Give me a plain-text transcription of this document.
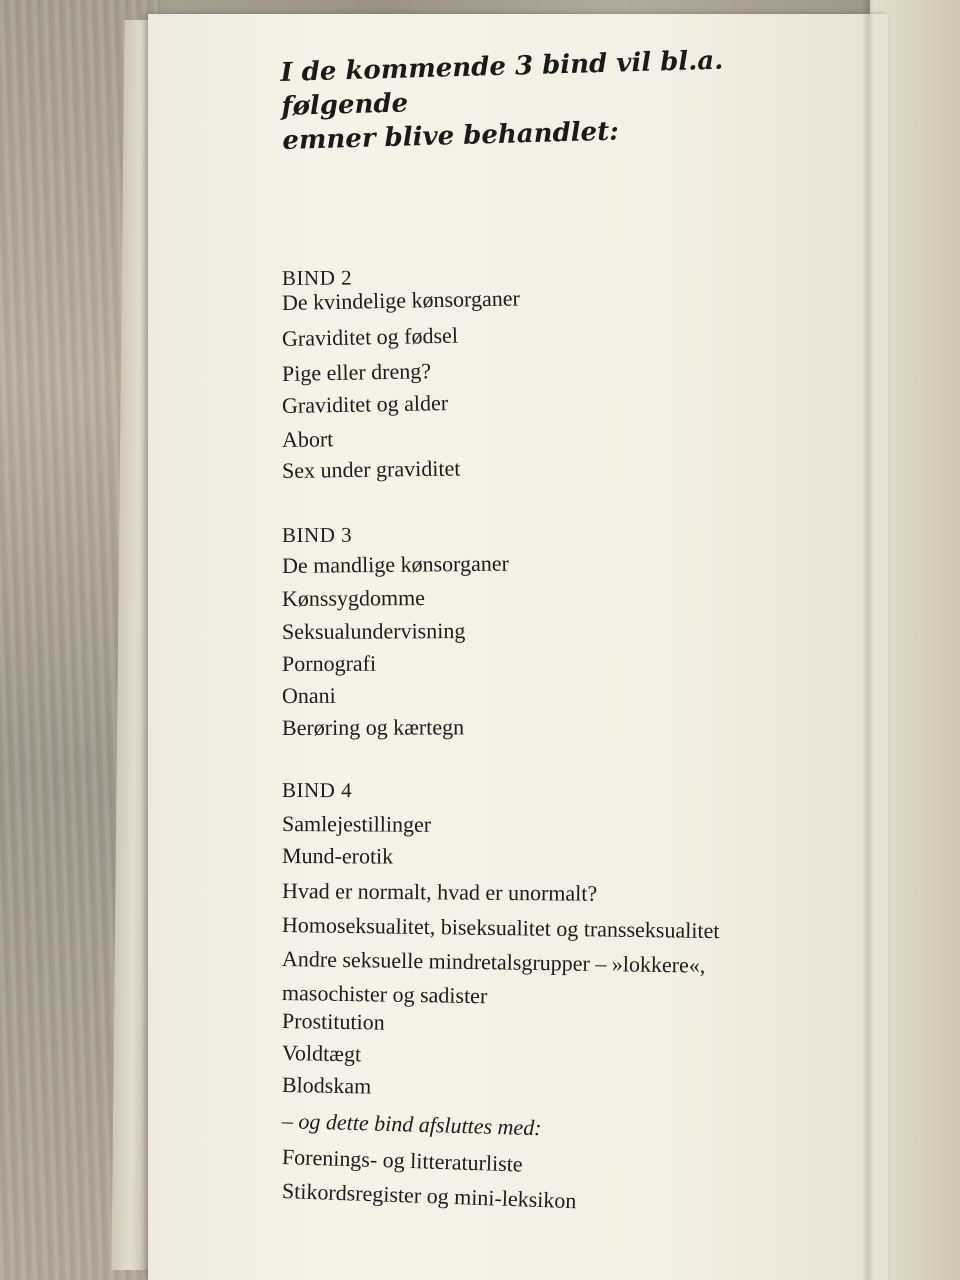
I de kommende 3 bind vil bl.a. følgende
emner blive behandlet:
BIND 2
De kvindelige kønsorganer
Graviditet og fødsel
Pige eller dreng?
Graviditet og alder
Abort
Sex under graviditet
BIND 3
De mandlige kønsorganer
Kønssygdomme
Seksualundervisning
Pornografi
Onani
Berøring og kærtegn
BIND 4
Samlejestillinger
Mund-erotik
Hvad er normalt, hvad er unormalt?
Homoseksualitet, biseksualitet og transseksualitet
Andre seksuelle mindretalsgrupper – »lokkere«,
masochister og sadister
Prostitution
Voldtægt
Blodskam
– og dette bind afsluttes med:
Forenings- og litteraturliste
Stikordsregister og mini-leksikon
